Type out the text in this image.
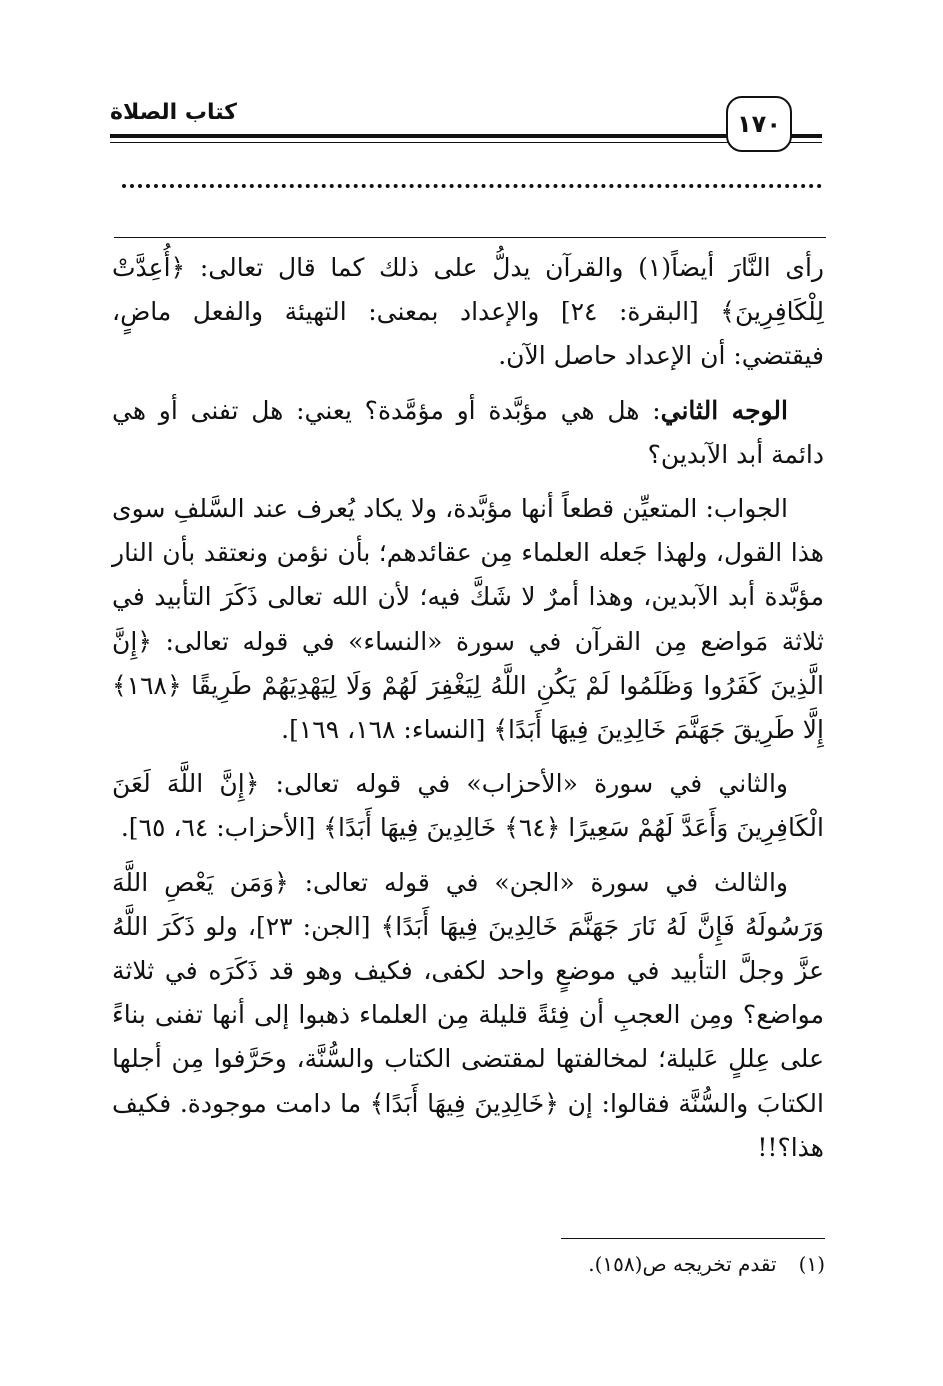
كتاب الصلاة	١٧٠

رأى النَّارَ أيضاً(١) والقرآن يدلُّ على ذلك كما قال تعالى: ﴿أُعِدَّتْ لِلْكَافِرِينَ﴾ [البقرة: ٢٤] والإعداد بمعنى: التهيئة والفعل ماضٍ، فيقتضي: أن الإعداد حاصل الآن.

الوجه الثاني: هل هي مؤبَّدة أو مؤمَّدة؟ يعني: هل تفنى أو هي دائمة أبد الآبدين؟

الجواب: المتعيِّن قطعاً أنها مؤبَّدة، ولا يكاد يُعرف عند السَّلفِ سوى هذا القول، ولهذا جَعله العلماء مِن عقائدهم؛ بأن نؤمن ونعتقد بأن النار مؤبَّدة أبد الآبدين، وهذا أمرٌ لا شَكَّ فيه؛ لأن الله تعالى ذَكَرَ التأبيد في ثلاثة مَواضع مِن القرآن في سورة «النساء» في قوله تعالى: ﴿إِنَّ الَّذِينَ كَفَرُوا وَظَلَمُوا لَمْ يَكُنِ اللَّهُ لِيَغْفِرَ لَهُمْ وَلَا لِيَهْدِيَهُمْ طَرِيقًا ﴿١٦٨﴾ إِلَّا طَرِيقَ جَهَنَّمَ خَالِدِينَ فِيهَا أَبَدًا﴾ [النساء: ١٦٨، ١٦٩].

والثاني في سورة «الأحزاب» في قوله تعالى: ﴿إِنَّ اللَّهَ لَعَنَ الْكَافِرِينَ وَأَعَدَّ لَهُمْ سَعِيرًا ﴿٦٤﴾ خَالِدِينَ فِيهَا أَبَدًا﴾ [الأحزاب: ٦٤، ٦٥].

والثالث في سورة «الجن» في قوله تعالى: ﴿وَمَن يَعْصِ اللَّهَ وَرَسُولَهُ فَإِنَّ لَهُ نَارَ جَهَنَّمَ خَالِدِينَ فِيهَا أَبَدًا﴾ [الجن: ٢٣]، ولو ذَكَرَ اللَّهُ عزَّ وجلَّ التأبيد في موضعٍ واحد لكفى، فكيف وهو قد ذَكَرَه في ثلاثة مواضع؟ ومِن العجبِ أن فِئةً قليلة مِن العلماء ذهبوا إلى أنها تفنى بناءً على عِللٍ عَليلة؛ لمخالفتها لمقتضى الكتاب والسُّنَّة، وحَرَّفوا مِن أجلها الكتابَ والسُّنَّة فقالوا: إن ﴿خَالِدِينَ فِيهَا أَبَدًا﴾ ما دامت موجودة. فكيف هذا؟!!

(١)تقدم تخريجه ص(١٥٨).
